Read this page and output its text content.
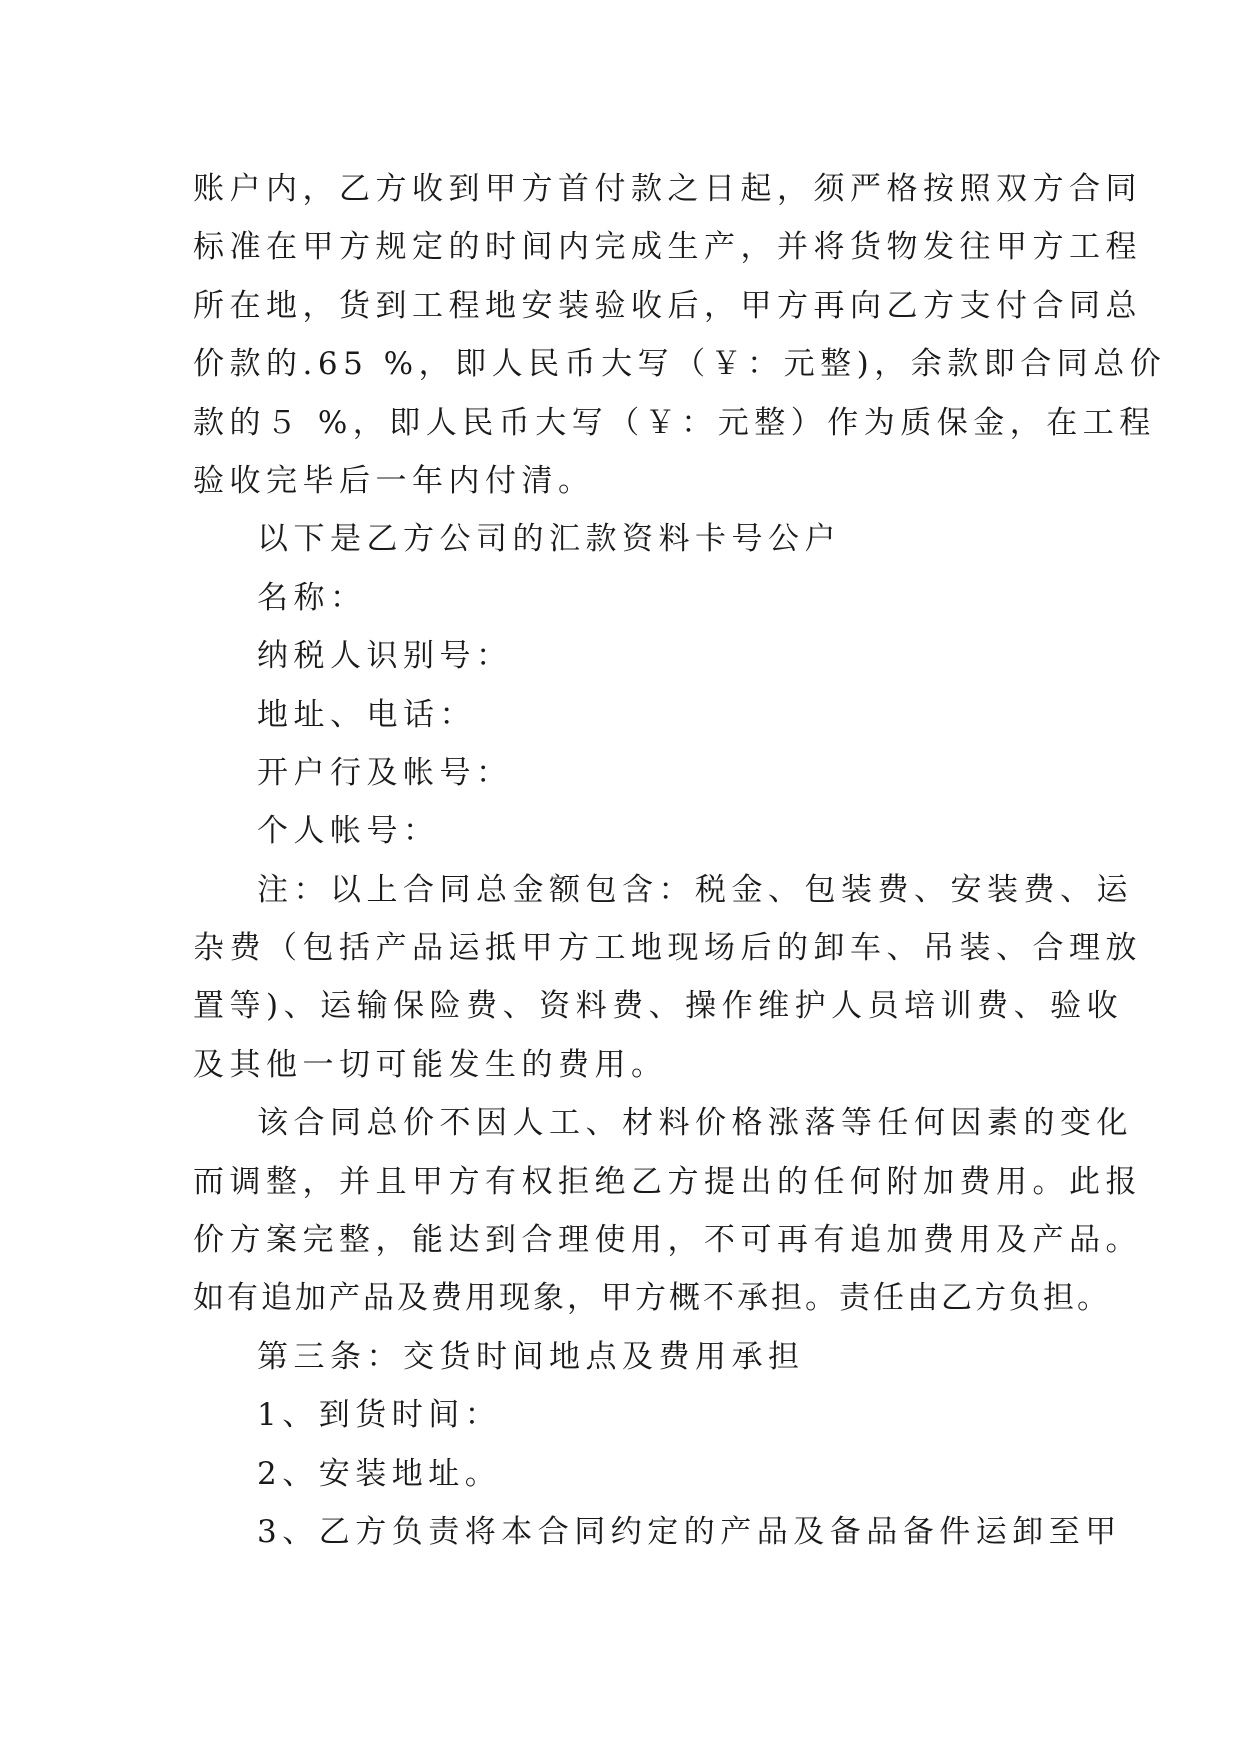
账户内，乙方收到甲方首付款之日起，须严格按照双方合同
标准在甲方规定的时间内完成生产，并将货物发往甲方工程
所在地，货到工程地安装验收后，甲方再向乙方支付合同总
价款的.65 %，即人民币大写（￥：元整)，余款即合同总价
款的５ %，即人民币大写（￥：元整）作为质保金，在工程
验收完毕后一年内付清。
以下是乙方公司的汇款资料卡号公户
名称：
纳税人识别号：
地址、电话：
开户行及帐号：
个人帐号：
注：以上合同总金额包含：税金、包装费、安装费、运
杂费（包括产品运抵甲方工地现场后的卸车、吊装、合理放
置等)、运输保险费、资料费、操作维护人员培训费、验收
及其他一切可能发生的费用。
该合同总价不因人工、材料价格涨落等任何因素的变化
而调整，并且甲方有权拒绝乙方提出的任何附加费用。此报
价方案完整，能达到合理使用，不可再有追加费用及产品。
如有追加产品及费用现象，甲方概不承担。责任由乙方负担。
第三条：交货时间地点及费用承担
1、到货时间：
2、安装地址。
3、乙方负责将本合同约定的产品及备品备件运卸至甲
